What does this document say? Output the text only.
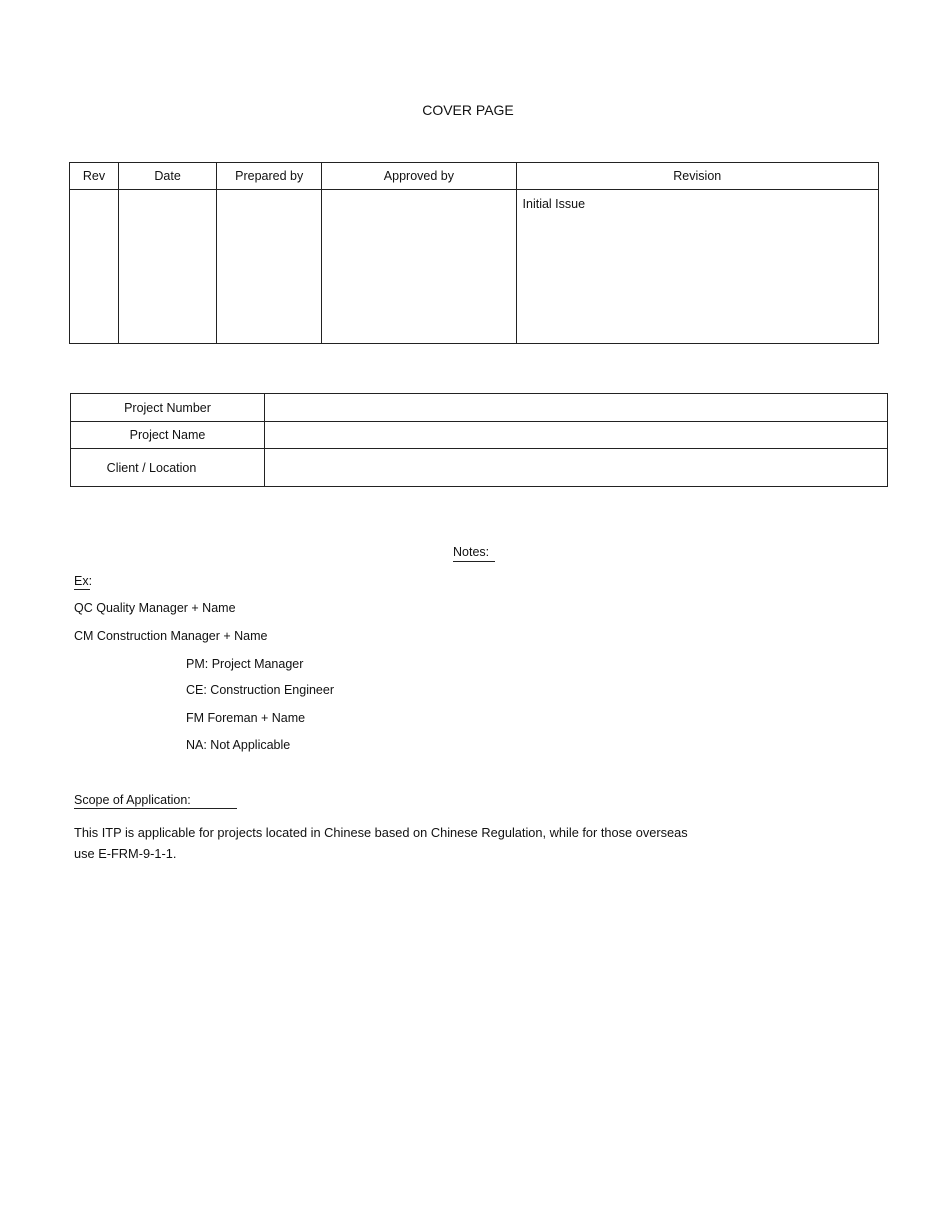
COVER PAGE
Rev	Date	Prepared by	Approved by	Revision

				Initial Issue
Project Number	
Project Name	
Client / Location	
Notes:
Ex:
QC Quality Manager + Name
CM Construction Manager + Name
PM: Project Manager
CE: Construction Engineer
FM Foreman + Name
NA: Not Applicable
Scope of Application:
This ITP is applicable for projects located in Chinese based on Chinese Regulation, while for those overseas use E-FRM-9-1-1.
